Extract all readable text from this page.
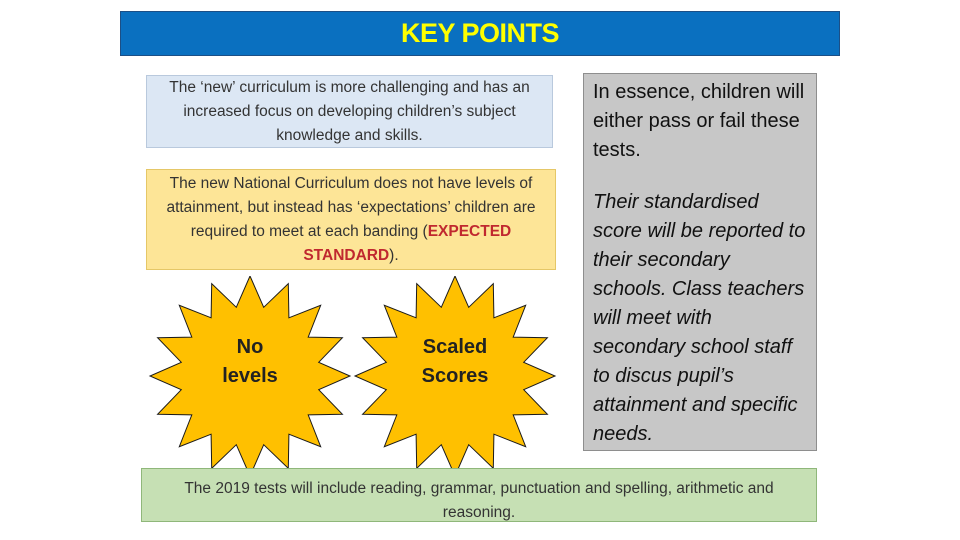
KEY POINTS
The ‘new’ curriculum is more challenging and has an increased focus on developing children’s subject knowledge and skills.
The new National Curriculum does not have levels of attainment, but instead has ‘expectations’ children are required to meet at each banding (EXPECTED STANDARD).

In essence, children will either pass or fail these tests.

Their standardised score will be reported to their secondary schools. Class teachers will meet with secondary school staff to discus pupil’s attainment and specific needs.

No
levels
Scaled
Scores
The 2019 tests will include reading, grammar, punctuation and spelling, arithmetic and reasoning.
